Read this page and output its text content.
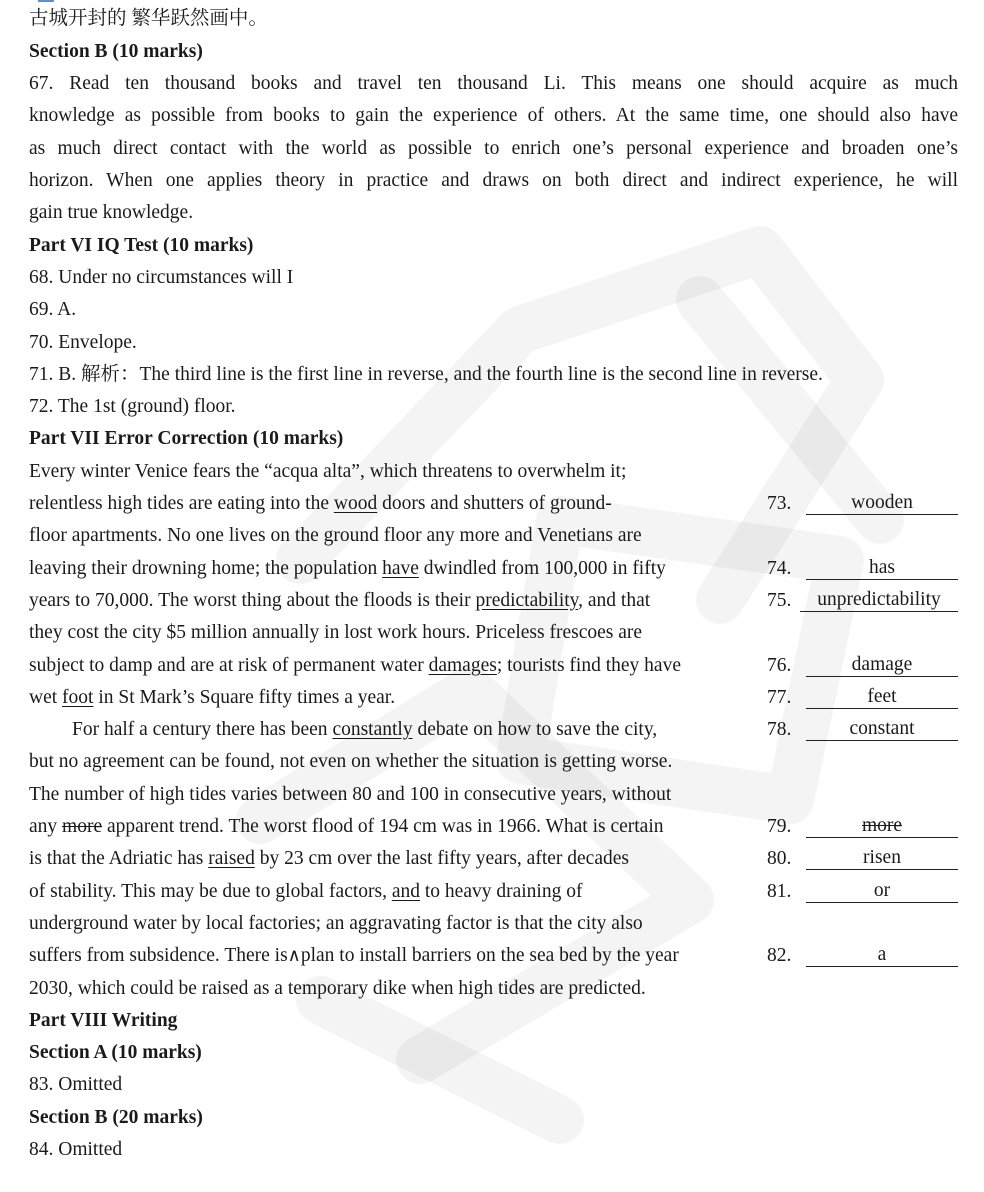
古城开封的 繁华跃然画中。
Section B (10 marks)
67. Read ten thousand books and travel ten thousand Li. This means one should acquire as much
knowledge as possible from books to gain the experience of others. At the same time, one should also have
as much direct contact with the world as possible to enrich one’s personal experience and broaden one’s
horizon. When one applies theory in practice and draws on both direct and indirect experience, he will
gain true knowledge.
Part VI IQ Test (10 marks)
68. Under no circumstances will I
69. A.
70. Envelope.
71. B. 解析：The third line is the first line in reverse, and the fourth line is the second line in reverse.
72. The 1st (ground) floor.
Part VII Error Correction (10 marks)
Every winter Venice fears the “acqua alta”, which threatens to overwhelm it;
relentless high tides are eating into the wood doors and shutters of ground-
floor apartments. No one lives on the ground floor any more and Venetians are
leaving their drowning home; the population have dwindled from 100,000 in fifty
years to 70,000. The worst thing about the floods is their predictability, and that
they cost the city $5 million annually in lost work hours. Priceless frescoes are
subject to damp and are at risk of permanent water damages; tourists find they have
wet foot in St Mark’s Square fifty times a year.
For half a century there has been constantly debate on how to save the city,
but no agreement can be found, not even on whether the situation is getting worse.
The number of high tides varies between 80 and 100 in consecutive years, without
any more apparent trend. The worst flood of 194 cm was in 1966. What is certain
is that the Adriatic has raised by 23 cm over the last fifty years, after decades
of stability. This may be due to global factors, and to heavy draining of
underground water by local factories; an aggravating factor is that the city also
suffers from subsidence. There is∧plan to install barriers on the sea bed by the year
2030, which could be raised as a temporary dike when high tides are predicted.
73.	wooden
74.	has
75.	unpredictability
76.	damage
77.	feet
78.	constant
79.	more
80.	risen
81.	or
82.	a
Part VIII Writing
Section A (10 marks)
83. Omitted
Section B (20 marks)
84. Omitted
